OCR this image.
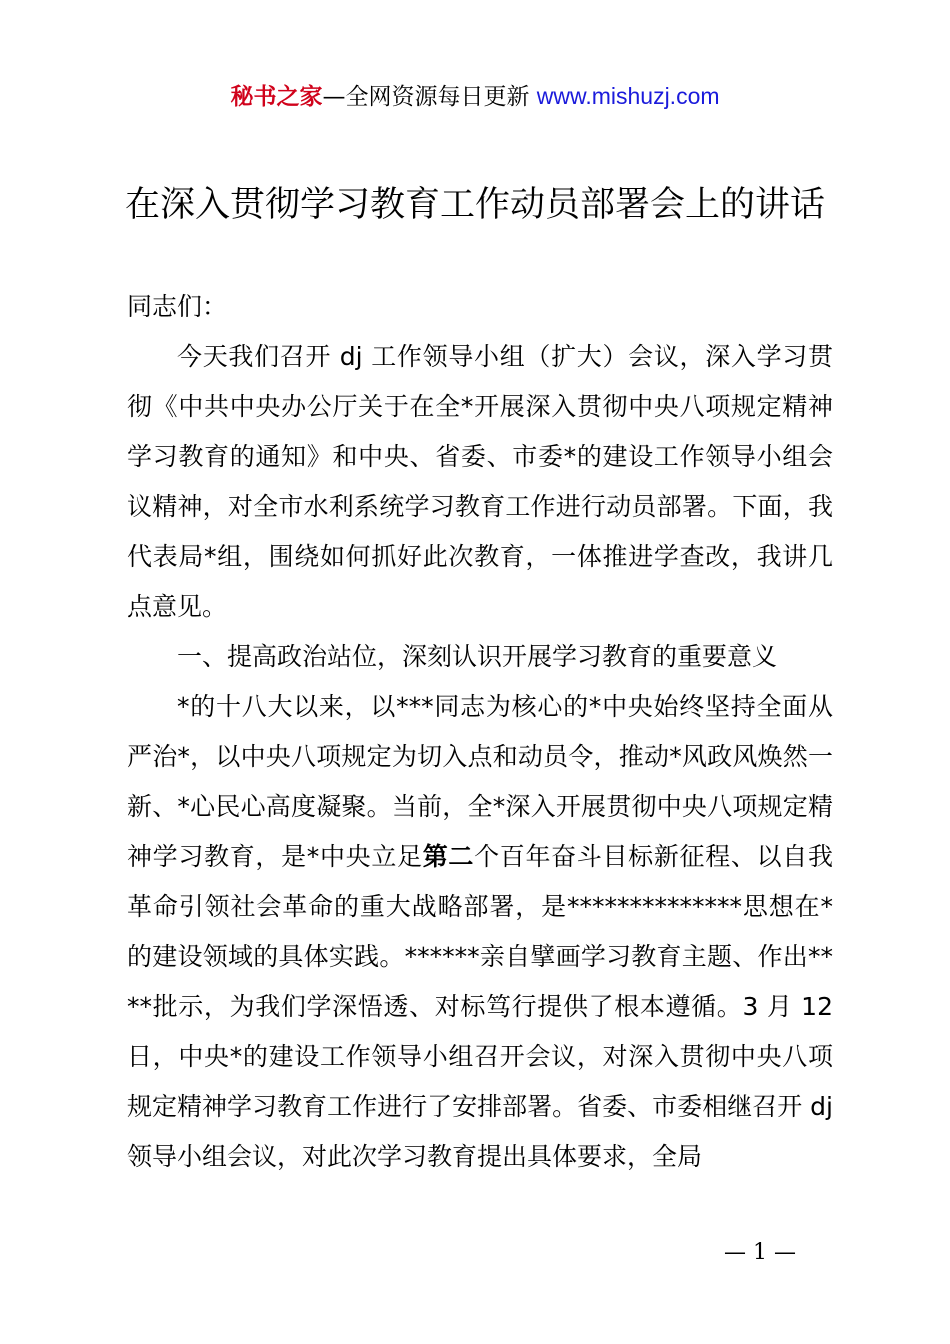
秘书之家—全网资源每日更新 www.mishuzj.com
在深入贯彻学习教育工作动员部署会上的讲话

同志们：

今天我们召开 dj 工作领导小组（扩大）会议，深入学习贯彻《中共中央办公厅关于在全*开展深入贯彻中央八项规定精神学习教育的通知》和中央、省委、市委*的建设工作领导小组会议精神，对全市水利系统学习教育工作进行动员部署。下面，我代表局*组，围绕如何抓好此次教育，一体推进学查改，我讲几点意见。

一、提高政治站位，深刻认识开展学习教育的重要意义

*的十八大以来，以***同志为核心的*中央始终坚持全面从严治*，以中央八项规定为切入点和动员令，推动*风政风焕然一新、*心民心高度凝聚。当前，全*深入开展贯彻中央八项规定精神学习教育，是*中央立足第二个百年奋斗目标新征程、以自我革命引领社会革命的重大战略部署，是**************思想在*的建设领域的具体实践。******亲自擘画学习教育主题、作出****批示，为我们学深悟透、对标笃行提供了根本遵循。3 月 12 日，中央*的建设工作领导小组召开会议，对深入贯彻中央八项规定精神学习教育工作进行了安排部署。省委、市委相继召开 dj 领导小组会议，对此次学习教育提出具体要求，全局

— 1 —
